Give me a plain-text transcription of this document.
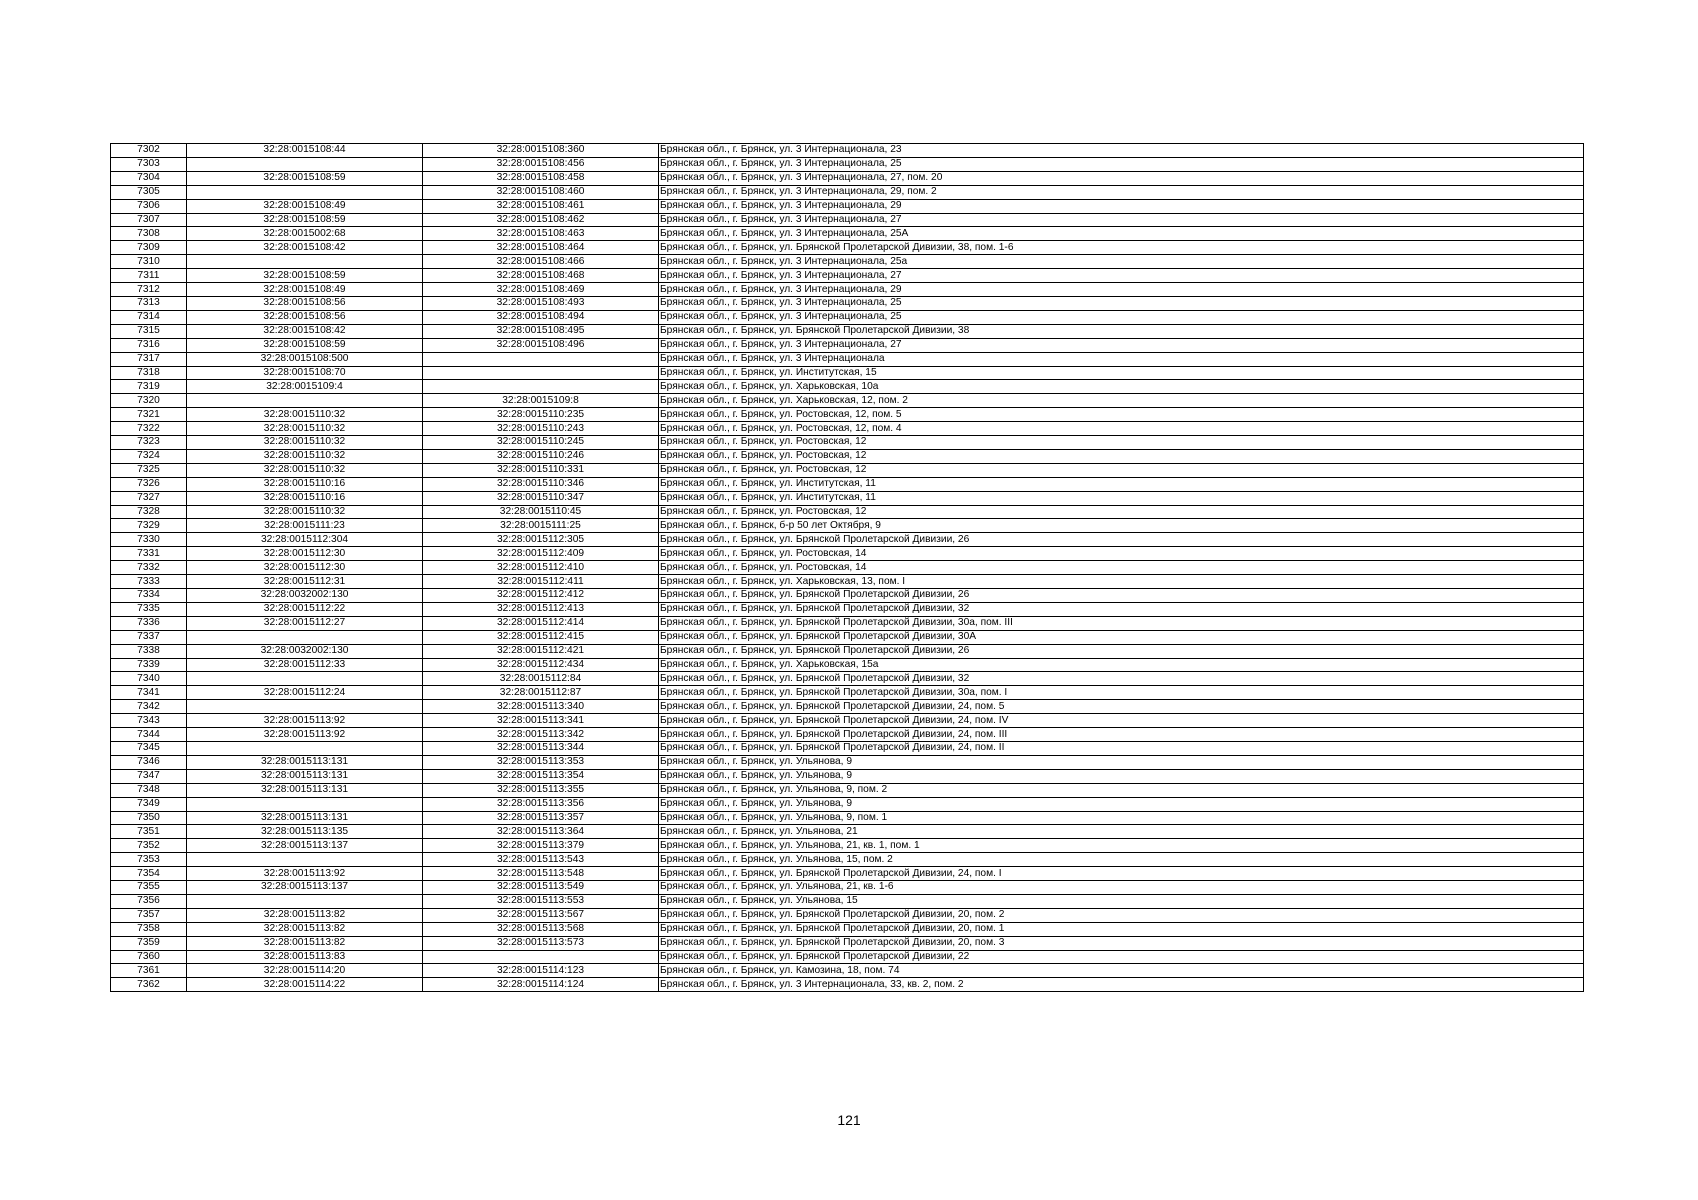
7302	32:28:0015108:44	32:28:0015108:360	Брянская обл., г. Брянск, ул. 3 Интернационала, 23
7303		32:28:0015108:456	Брянская обл., г. Брянск, ул. 3 Интернационала, 25
7304	32:28:0015108:59	32:28:0015108:458	Брянская обл., г. Брянск, ул. 3 Интернационала, 27, пом. 20
7305		32:28:0015108:460	Брянская обл., г. Брянск, ул. 3 Интернационала, 29, пом. 2
7306	32:28:0015108:49	32:28:0015108:461	Брянская обл., г. Брянск, ул. 3 Интернационала, 29
7307	32:28:0015108:59	32:28:0015108:462	Брянская обл., г. Брянск, ул. 3 Интернационала, 27
7308	32:28:0015002:68	32:28:0015108:463	Брянская обл., г. Брянск, ул. 3 Интернационала, 25А
7309	32:28:0015108:42	32:28:0015108:464	Брянская обл., г. Брянск, ул. Брянской Пролетарской Дивизии, 38, пом. 1-6
7310		32:28:0015108:466	Брянская обл., г. Брянск, ул. 3 Интернационала, 25а
7311	32:28:0015108:59	32:28:0015108:468	Брянская обл., г. Брянск, ул. 3 Интернационала, 27
7312	32:28:0015108:49	32:28:0015108:469	Брянская обл., г. Брянск, ул. 3 Интернационала, 29
7313	32:28:0015108:56	32:28:0015108:493	Брянская обл., г. Брянск, ул. 3 Интернационала, 25
7314	32:28:0015108:56	32:28:0015108:494	Брянская обл., г. Брянск, ул. 3 Интернационала, 25
7315	32:28:0015108:42	32:28:0015108:495	Брянская обл., г. Брянск, ул. Брянской Пролетарской Дивизии, 38
7316	32:28:0015108:59	32:28:0015108:496	Брянская обл., г. Брянск, ул. 3 Интернационала, 27
7317	32:28:0015108:500		Брянская обл., г. Брянск, ул. 3 Интернационала
7318	32:28:0015108:70		Брянская обл., г. Брянск, ул. Институтская, 15
7319	32:28:0015109:4		Брянская обл., г. Брянск, ул. Харьковская, 10а
7320		32:28:0015109:8	Брянская обл., г. Брянск, ул. Харьковская, 12, пом. 2
7321	32:28:0015110:32	32:28:0015110:235	Брянская обл., г. Брянск, ул. Ростовская, 12, пом. 5
7322	32:28:0015110:32	32:28:0015110:243	Брянская обл., г. Брянск, ул. Ростовская, 12, пом. 4
7323	32:28:0015110:32	32:28:0015110:245	Брянская обл., г. Брянск, ул. Ростовская, 12
7324	32:28:0015110:32	32:28:0015110:246	Брянская обл., г. Брянск, ул. Ростовская, 12
7325	32:28:0015110:32	32:28:0015110:331	Брянская обл., г. Брянск, ул. Ростовская, 12
7326	32:28:0015110:16	32:28:0015110:346	Брянская обл., г. Брянск, ул. Институтская, 11
7327	32:28:0015110:16	32:28:0015110:347	Брянская обл., г. Брянск, ул. Институтская, 11
7328	32:28:0015110:32	32:28:0015110:45	Брянская обл., г. Брянск, ул. Ростовская, 12
7329	32:28:0015111:23	32:28:0015111:25	Брянская обл., г. Брянск, б-р 50 лет Октября, 9
7330	32:28:0015112:304	32:28:0015112:305	Брянская обл., г. Брянск, ул. Брянской Пролетарской Дивизии, 26
7331	32:28:0015112:30	32:28:0015112:409	Брянская обл., г. Брянск, ул. Ростовская, 14
7332	32:28:0015112:30	32:28:0015112:410	Брянская обл., г. Брянск, ул. Ростовская, 14
7333	32:28:0015112:31	32:28:0015112:411	Брянская обл., г. Брянск, ул. Харьковская, 13, пом. I
7334	32:28:0032002:130	32:28:0015112:412	Брянская обл., г. Брянск, ул. Брянской Пролетарской Дивизии, 26
7335	32:28:0015112:22	32:28:0015112:413	Брянская обл., г. Брянск, ул. Брянской Пролетарской Дивизии, 32
7336	32:28:0015112:27	32:28:0015112:414	Брянская обл., г. Брянск, ул. Брянской Пролетарской Дивизии, 30а, пом. III
7337		32:28:0015112:415	Брянская обл., г. Брянск, ул. Брянской Пролетарской Дивизии, 30А
7338	32:28:0032002:130	32:28:0015112:421	Брянская обл., г. Брянск, ул. Брянской Пролетарской Дивизии, 26
7339	32:28:0015112:33	32:28:0015112:434	Брянская обл., г. Брянск, ул. Харьковская, 15а
7340		32:28:0015112:84	Брянская обл., г. Брянск, ул. Брянской Пролетарской Дивизии, 32
7341	32:28:0015112:24	32:28:0015112:87	Брянская обл., г. Брянск, ул. Брянской Пролетарской Дивизии, 30а, пом. I
7342		32:28:0015113:340	Брянская обл., г. Брянск, ул. Брянской Пролетарской Дивизии, 24, пом. 5
7343	32:28:0015113:92	32:28:0015113:341	Брянская обл., г. Брянск, ул. Брянской Пролетарской Дивизии, 24, пом. IV
7344	32:28:0015113:92	32:28:0015113:342	Брянская обл., г. Брянск, ул. Брянской Пролетарской Дивизии, 24, пом. III
7345		32:28:0015113:344	Брянская обл., г. Брянск, ул. Брянской Пролетарской Дивизии, 24, пом. II
7346	32:28:0015113:131	32:28:0015113:353	Брянская обл., г. Брянск, ул. Ульянова, 9
7347	32:28:0015113:131	32:28:0015113:354	Брянская обл., г. Брянск, ул. Ульянова, 9
7348	32:28:0015113:131	32:28:0015113:355	Брянская обл., г. Брянск, ул. Ульянова, 9, пом. 2
7349		32:28:0015113:356	Брянская обл., г. Брянск, ул. Ульянова, 9
7350	32:28:0015113:131	32:28:0015113:357	Брянская обл., г. Брянск, ул. Ульянова, 9, пом. 1
7351	32:28:0015113:135	32:28:0015113:364	Брянская обл., г. Брянск, ул. Ульянова, 21
7352	32:28:0015113:137	32:28:0015113:379	Брянская обл., г. Брянск, ул. Ульянова, 21, кв. 1, пом. 1
7353		32:28:0015113:543	Брянская обл., г. Брянск, ул. Ульянова, 15, пом. 2
7354	32:28:0015113:92	32:28:0015113:548	Брянская обл., г. Брянск, ул. Брянской Пролетарской Дивизии, 24, пом. I
7355	32:28:0015113:137	32:28:0015113:549	Брянская обл., г. Брянск, ул. Ульянова, 21, кв. 1-6
7356		32:28:0015113:553	Брянская обл., г. Брянск, ул. Ульянова, 15
7357	32:28:0015113:82	32:28:0015113:567	Брянская обл., г. Брянск, ул. Брянской Пролетарской Дивизии, 20, пом. 2
7358	32:28:0015113:82	32:28:0015113:568	Брянская обл., г. Брянск, ул. Брянской Пролетарской Дивизии, 20, пом. 1
7359	32:28:0015113:82	32:28:0015113:573	Брянская обл., г. Брянск, ул. Брянской Пролетарской Дивизии, 20, пом. 3
7360	32:28:0015113:83		Брянская обл., г. Брянск, ул. Брянской Пролетарской Дивизии, 22
7361	32:28:0015114:20	32:28:0015114:123	Брянская обл., г. Брянск, ул. Камозина, 18, пом. 74
7362	32:28:0015114:22	32:28:0015114:124	Брянская обл., г. Брянск, ул. 3 Интернационала, 33, кв. 2, пом. 2
121
